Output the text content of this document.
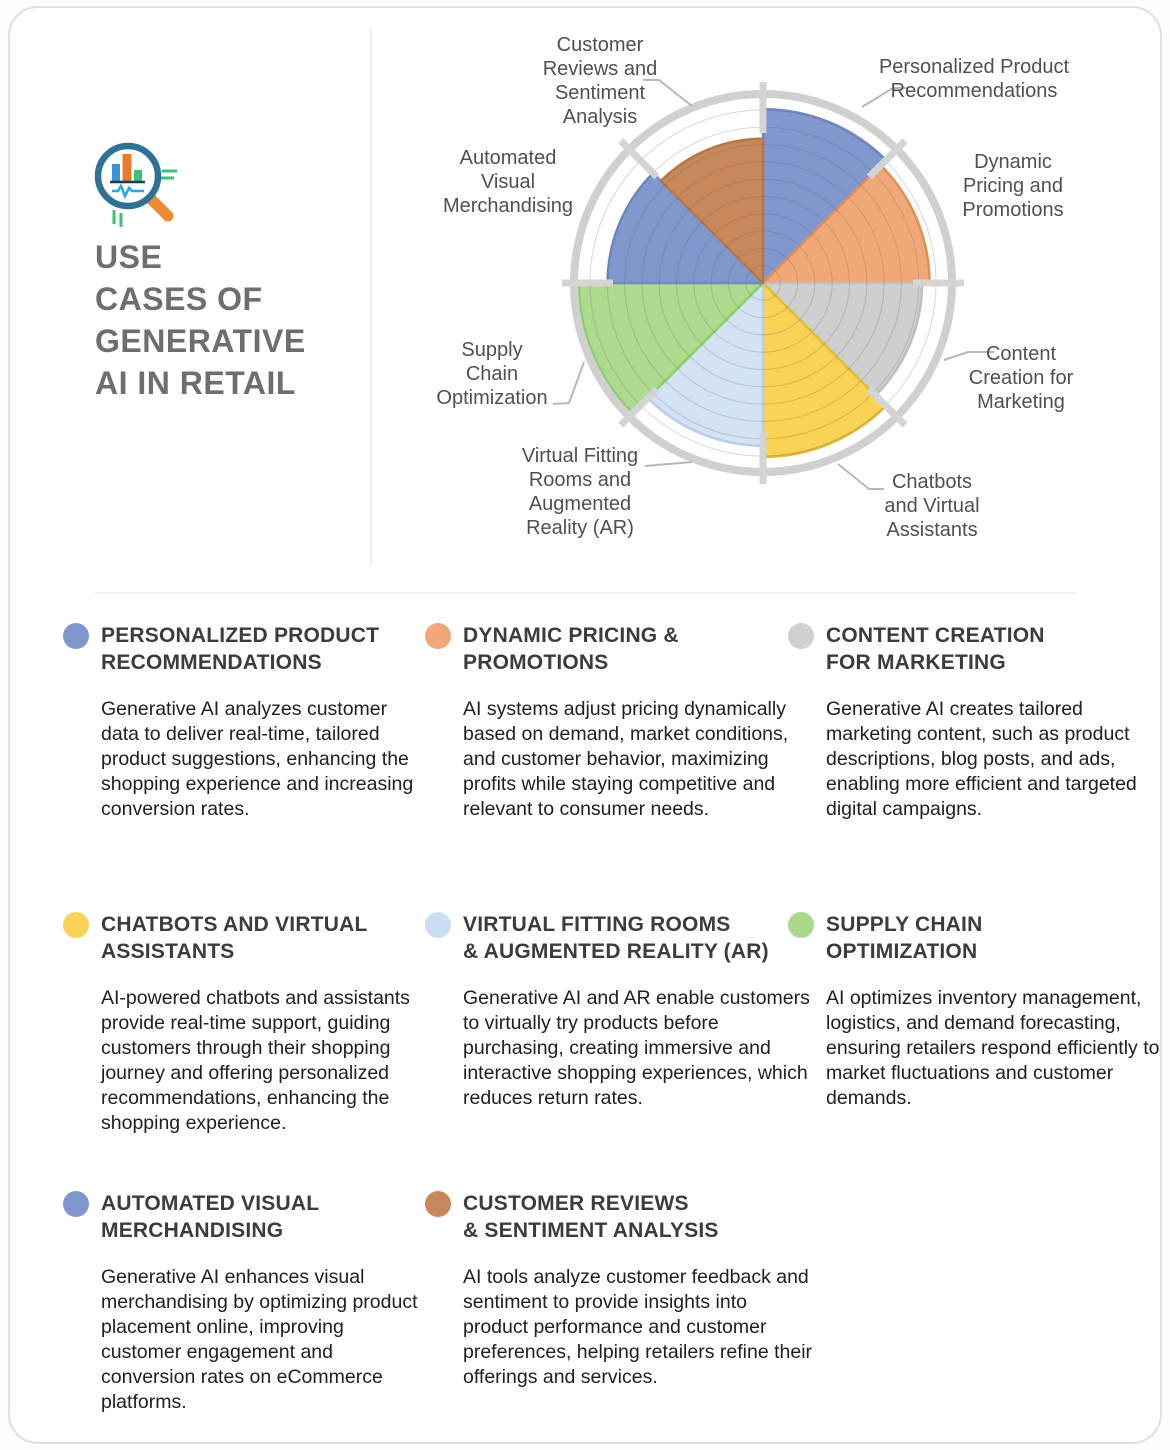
USE
CASES OF
GENERATIVE
AI IN RETAIL
Personalized Product
Recommendations
Dynamic
Pricing and
Promotions
Content
Creation for
Marketing
Chatbots
and Virtual
Assistants
Virtual Fitting
Rooms and
Augmented
Reality (AR)
Supply
Chain
Optimization
Automated
Visual
Merchandising
Customer
Reviews and
Sentiment
Analysis
PERSONALIZED PRODUCT
RECOMMENDATIONS

Generative AI analyzes customer data to deliver real-time, tailored product suggestions, enhancing the shopping experience and increasing conversion rates.

DYNAMIC PRICING &
PROMOTIONS

AI systems adjust pricing dynamically based on demand, market conditions, and customer behavior, maximizing profits while staying competitive and relevant to consumer needs.

CONTENT CREATION
FOR MARKETING

Generative AI creates tailored marketing content, such as product descriptions, blog posts, and ads, enabling more efficient and targeted digital campaigns.

CHATBOTS AND VIRTUAL
ASSISTANTS

AI-powered chatbots and assistants provide real-time support, guiding customers through their shopping journey and offering personalized recommendations, enhancing the shopping experience.

VIRTUAL FITTING ROOMS
& AUGMENTED REALITY (AR)

Generative AI and AR enable customers to virtually try products before purchasing, creating immersive and interactive shopping experiences, which reduces return rates.

SUPPLY CHAIN
OPTIMIZATION

AI optimizes inventory management, logistics, and demand forecasting, ensuring retailers respond efficiently to market fluctuations and customer demands.

AUTOMATED VISUAL
MERCHANDISING

Generative AI enhances visual merchandising by optimizing product placement online, improving customer engagement and conversion rates on eCommerce platforms.

CUSTOMER REVIEWS
& SENTIMENT ANALYSIS

AI tools analyze customer feedback and sentiment to provide insights into product performance and customer preferences, helping retailers refine their offerings and services.
